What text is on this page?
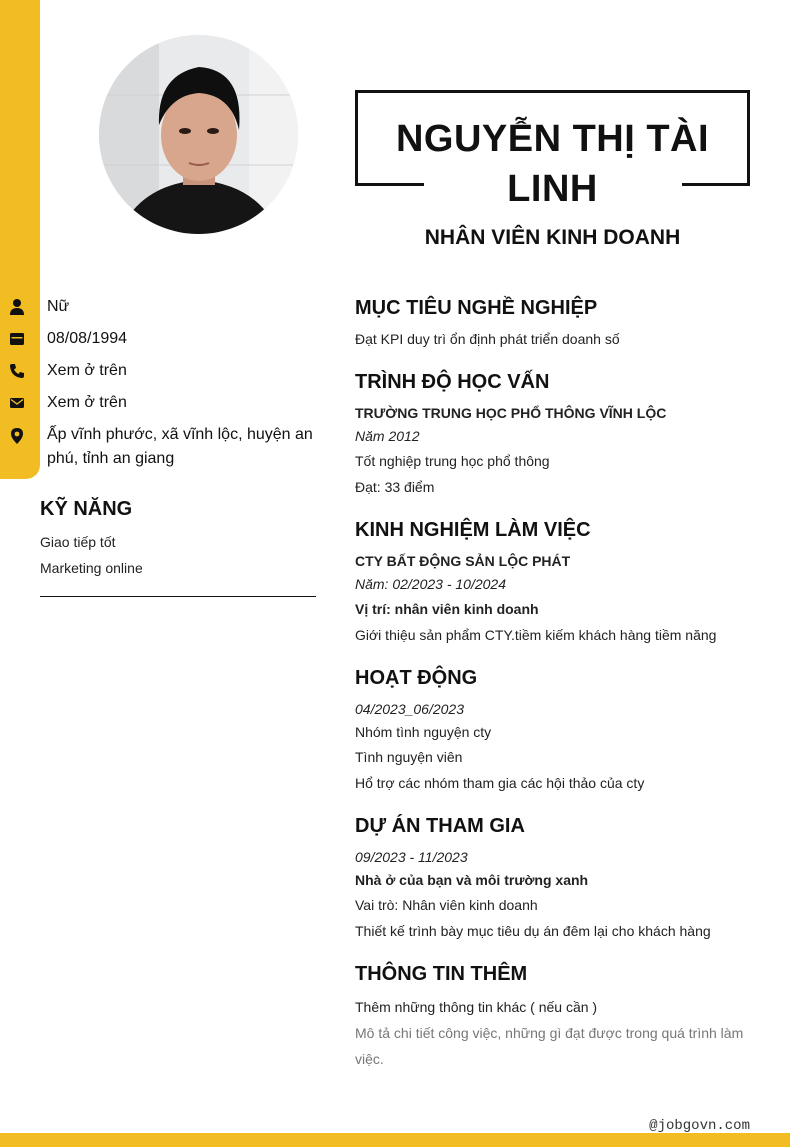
NGUYỄN THỊ TÀI LINH
NHÂN VIÊN KINH DOANH
Nữ
08/08/1994
Xem ở trên
Xem ở trên
Ấp vĩnh phước, xã vĩnh lộc, huyện an phú, tỉnh an giang
KỸ NĂNG
Giao tiếp tốt
Marketing online
MỤC TIÊU NGHỀ NGHIỆP
Đạt KPI duy trì ổn định phát triển doanh số
TRÌNH ĐỘ HỌC VẤN
TRƯỜNG TRUNG HỌC PHỔ THÔNG VĨNH LỘC
Năm 2012
Tốt nghiệp trung học phổ thông
Đạt: 33 điểm
KINH NGHIỆM LÀM VIỆC
CTY BẤT ĐỘNG SẢN LỘC PHÁT
Năm: 02/2023 - 10/2024
Vị trí: nhân viên kinh doanh
Giới thiệu sản phẩm CTY.tiềm kiếm khách hàng tiềm năng
HOẠT ĐỘNG
04/2023_06/2023
Nhóm tình nguyện cty
Tình nguyện viên
Hổ trợ các nhóm tham gia các hội thảo của cty
DỰ ÁN THAM GIA
09/2023 - 11/2023
Nhà ở của bạn và môi trường xanh
Vai trò: Nhân viên kinh doanh
Thiết kế trình bày mục tiêu dụ án đêm lại cho khách hàng
THÔNG TIN THÊM
Thêm những thông tin khác ( nếu cần )
Mô tả chi tiết công việc, những gì đạt được trong quá trình làm việc.
@jobgovn.com
